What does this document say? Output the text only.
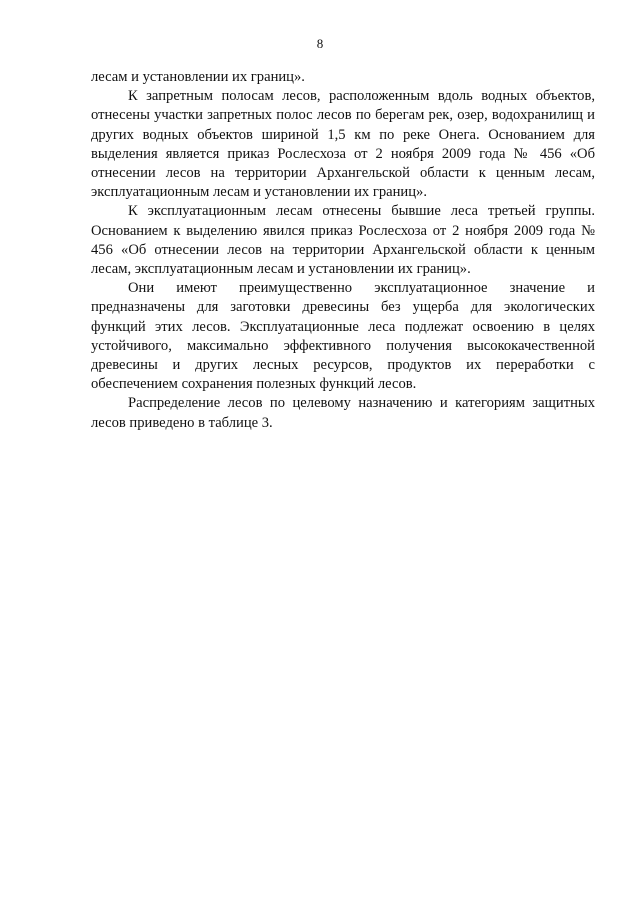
8

лесам и установлении их границ».

К запретным полосам лесов, расположенным вдоль водных объектов, отнесены участки запретных полос лесов по берегам рек, озер, водохранилищ и других водных объектов шириной 1,5 км по реке Онега. Основанием для выделения является приказ Рослесхоза от 2 ноября 2009 года № 456 «Об отнесении лесов на территории Архангельской области к ценным лесам, эксплуатационным лесам и установлении их границ».

К эксплуатационным лесам отнесены бывшие леса третьей группы. Основанием к выделению явился приказ Рослесхоза от 2 ноября 2009 года № 456 «Об отнесении лесов на территории Архангельской области к ценным лесам, эксплуатационным лесам и установлении их границ».

Они имеют преимущественно эксплуатационное значение и предназначены для заготовки древесины без ущерба для экологических функций этих лесов. Эксплуатационные леса подлежат освоению в целях устойчивого, максимально эффективного получения высококачественной древесины и других лесных ресурсов, продуктов их переработки с обеспечением сохранения полезных функций лесов.

Распределение лесов по целевому назначению и категориям защитных лесов приведено в таблице 3.
